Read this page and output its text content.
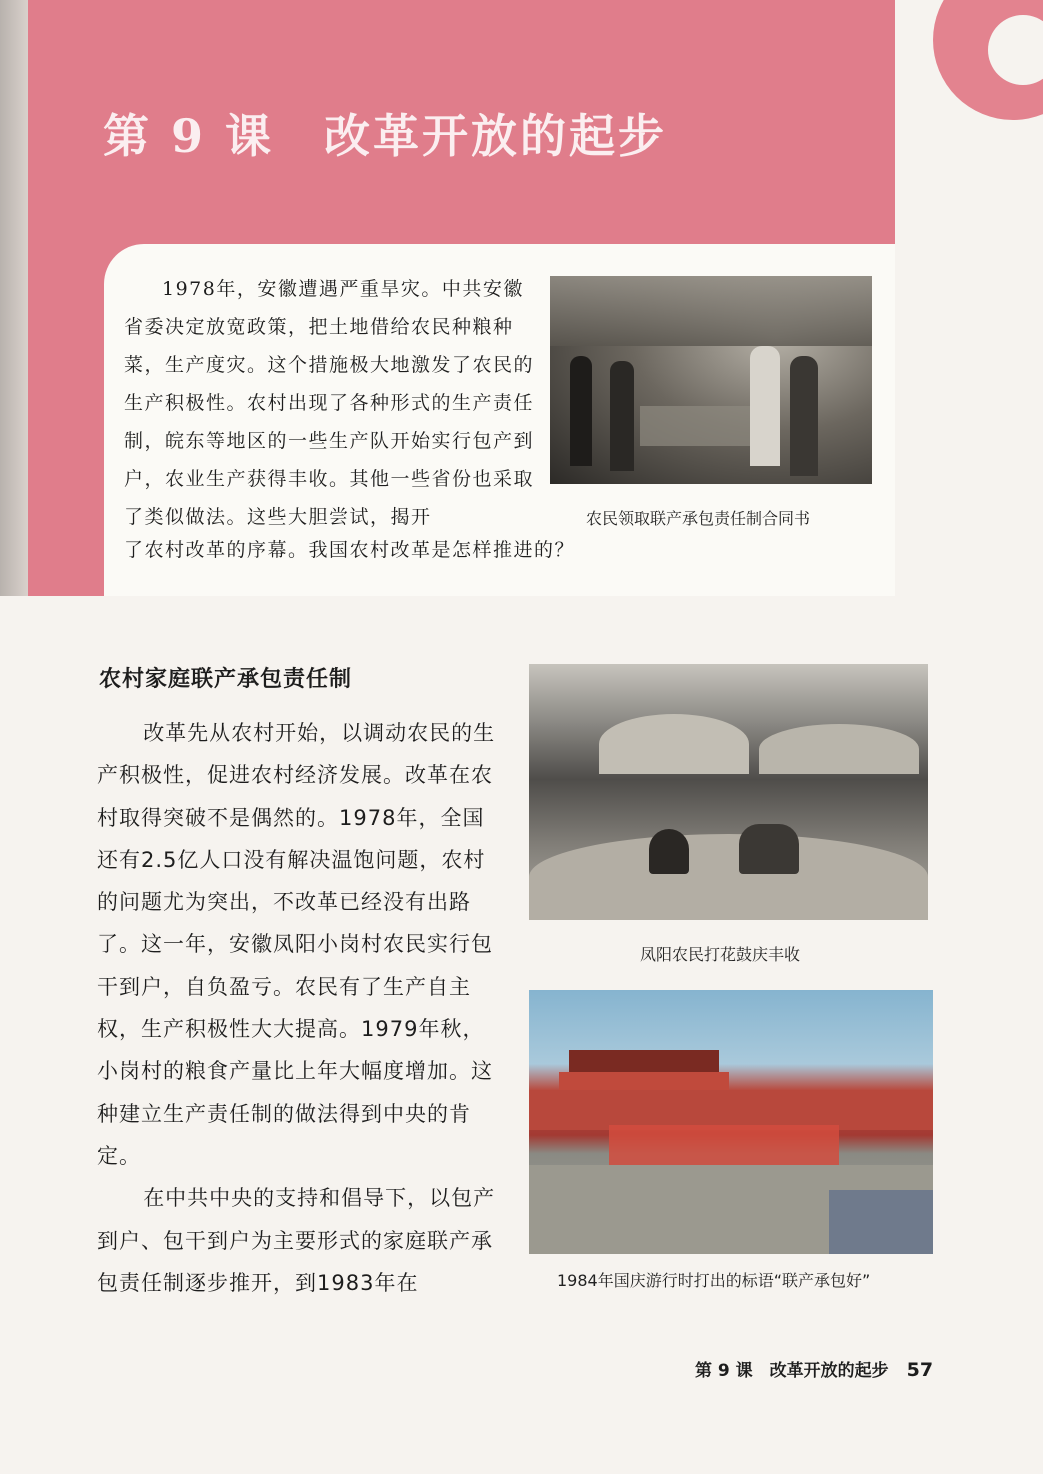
第 9 课 改革开放的起步

1978年，安徽遭遇严重旱灾。中共安徽省委决定放宽政策，把土地借给农民种粮种菜，生产度灾。这个措施极大地激发了农民的生产积极性。农村出现了各种形式的生产责任制，皖东等地区的一些生产队开始实行包产到户，农业生产获得丰收。其他一些省份也采取了类似做法。这些大胆尝试，揭开

了农村改革的序幕。我国农村改革是怎样推进的？
农民领取联产承包责任制合同书
农村家庭联产承包责任制

改革先从农村开始，以调动农民的生产积极性，促进农村经济发展。改革在农村取得突破不是偶然的。1978年，全国还有2.5亿人口没有解决温饱问题，农村的问题尤为突出，不改革已经没有出路了。这一年，安徽凤阳小岗村农民实行包干到户，自负盈亏。农民有了生产自主权，生产积极性大大提高。1979年秋，小岗村的粮食产量比上年大幅度增加。这种建立生产责任制的做法得到中央的肯定。

在中共中央的支持和倡导下，以包产到户、包干到户为主要形式的家庭联产承包责任制逐步推开，到1983年在

凤阳农民打花鼓庆丰收
1984年国庆游行时打出的标语“联产承包好”
第 9 课　改革开放的起步 57
